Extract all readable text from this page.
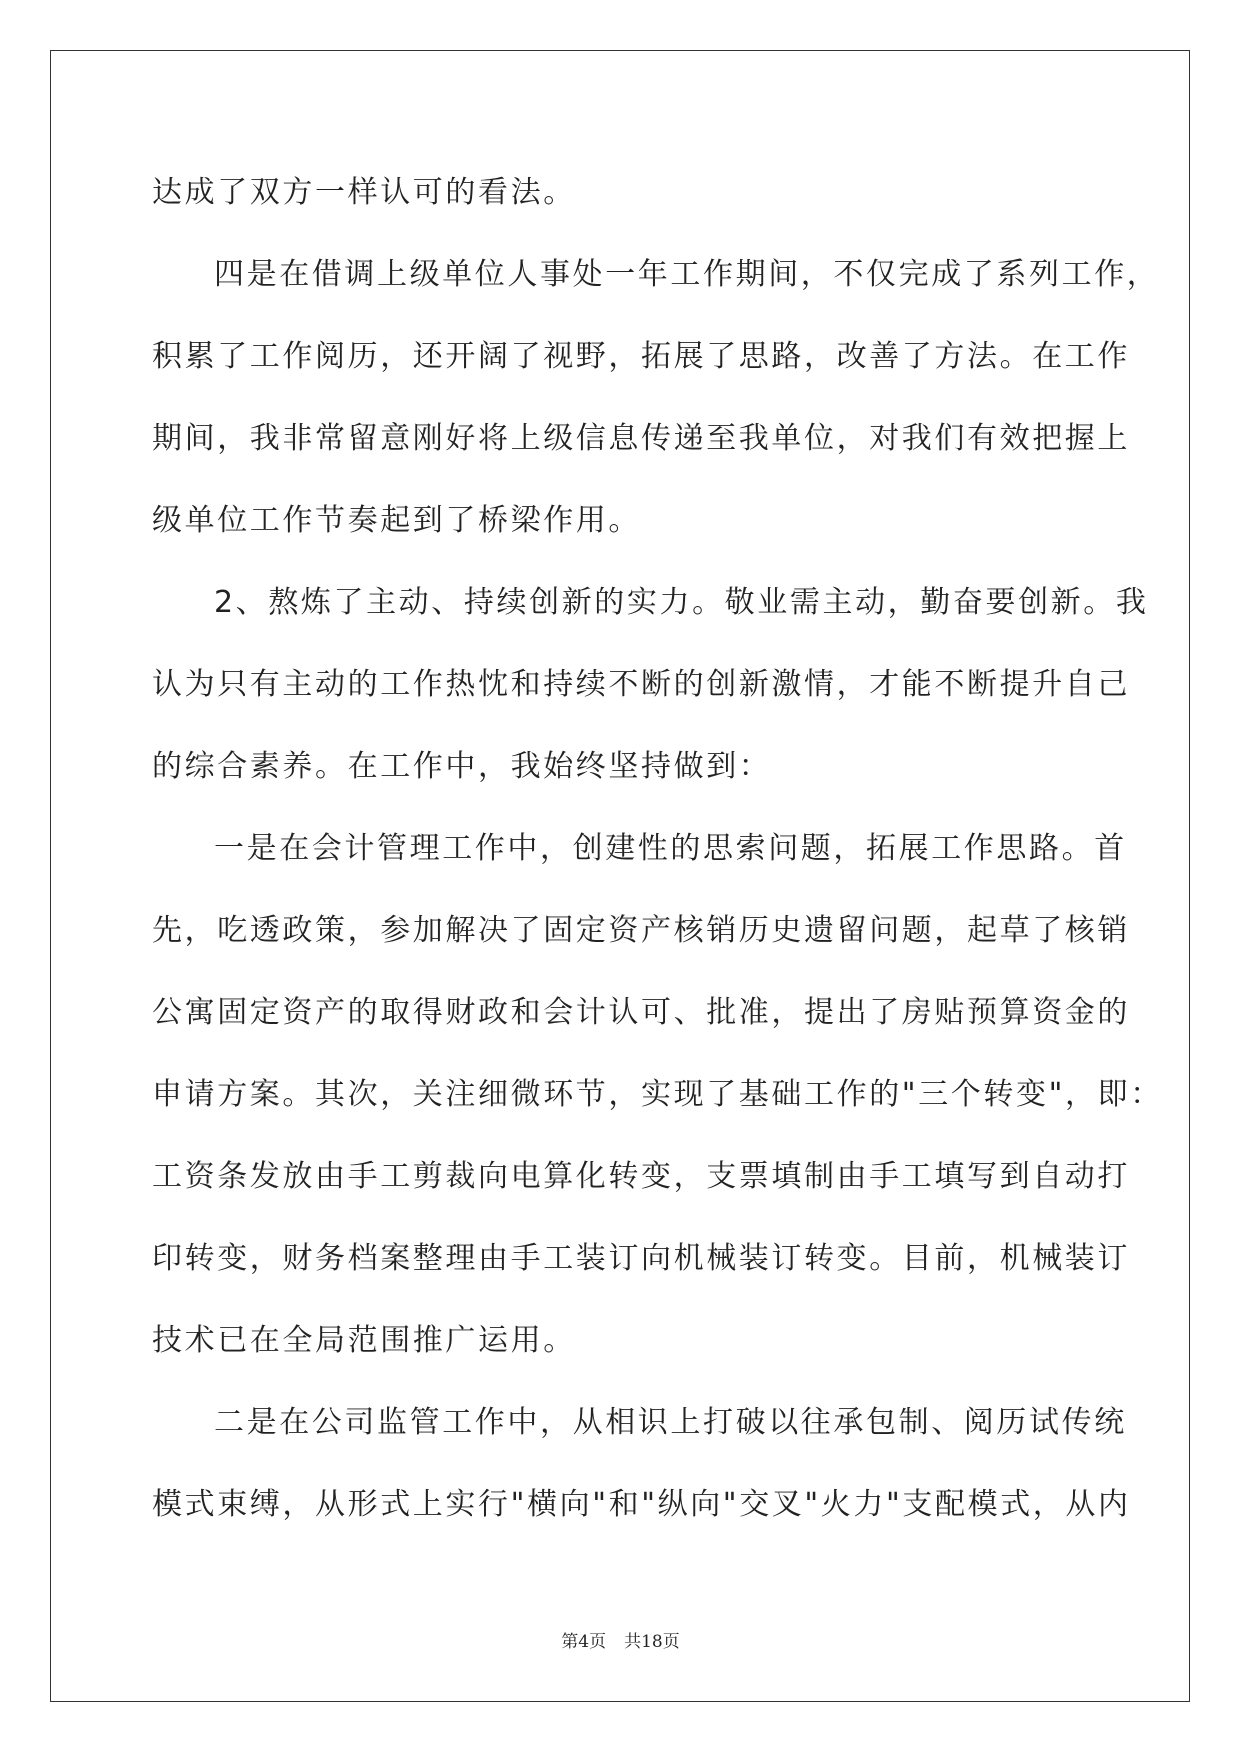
达成了双方一样认可的看法。
四是在借调上级单位人事处一年工作期间，不仅完成了系列工作，
积累了工作阅历，还开阔了视野，拓展了思路，改善了方法。在工作
期间，我非常留意刚好将上级信息传递至我单位，对我们有效把握上
级单位工作节奏起到了桥梁作用。
2、熬炼了主动、持续创新的实力。敬业需主动，勤奋要创新。我
认为只有主动的工作热忱和持续不断的创新激情，才能不断提升自己
的综合素养。在工作中，我始终坚持做到：
一是在会计管理工作中，创建性的思索问题，拓展工作思路。首
先，吃透政策，参加解决了固定资产核销历史遗留问题，起草了核销
公寓固定资产的取得财政和会计认可、批准，提出了房贴预算资金的
申请方案。其次，关注细微环节，实现了基础工作的"三个转变"，即：
工资条发放由手工剪裁向电算化转变，支票填制由手工填写到自动打
印转变，财务档案整理由手工装订向机械装订转变。目前，机械装订
技术已在全局范围推广运用。
二是在公司监管工作中，从相识上打破以往承包制、阅历试传统
模式束缚，从形式上实行"横向"和"纵向"交叉"火力"支配模式，从内
第4页 共18页
